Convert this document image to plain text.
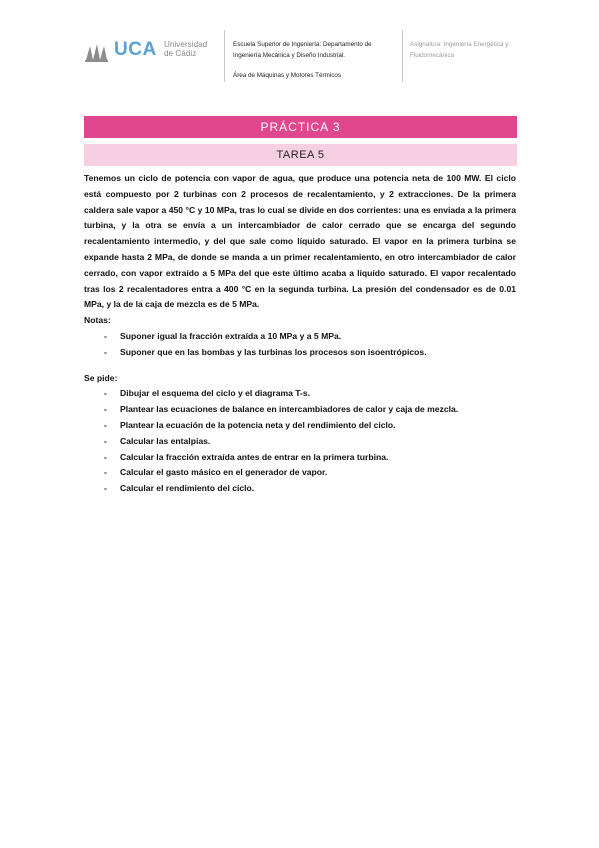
UCA Universidad
de Cádiz
Escuela Superior de Ingeniería: Departamento de Ingeniería Mecánica y Diseño Industrial.
Área de Máquinas y Motores Térmicos
Asignatura: Ingeniería Energética y Fluidomecánica
PRÁCTICA 3
TAREA 5

Tenemos un ciclo de potencia con vapor de agua, que produce una potencia neta de 100 MW. El ciclo está compuesto por 2 turbinas con 2 procesos de recalentamiento, y 2 extracciones. De la primera caldera sale vapor a 450 °C y 10 MPa, tras lo cual se divide en dos corrientes: una es enviada a la primera turbina, y la otra se envía a un intercambiador de calor cerrado que se encarga del segundo recalentamiento intermedio, y del que sale como líquido saturado. El vapor en la primera turbina se expande hasta 2 MPa, de donde se manda a un primer recalentamiento, en otro intercambiador de calor cerrado, con vapor extraído a 5 MPa del que este último acaba a líquido saturado. El vapor recalentado tras los 2 recalentadores entra a 400 °C en la segunda turbina. La presión del condensador es de 0.01 MPa, y la de la caja de mezcla es de 5 MPa.

Notas:

- Suponer igual la fracción extraída a 10 MPa y a 5 MPa.
- Suponer que en las bombas y las turbinas los procesos son isoentrópicos.

Se pide:

- Dibujar el esquema del ciclo y el diagrama T-s.
- Plantear las ecuaciones de balance en intercambiadores de calor y caja de mezcla.
- Plantear la ecuación de la potencia neta y del rendimiento del ciclo.
- Calcular las entalpías.
- Calcular la fracción extraída antes de entrar en la primera turbina.
- Calcular el gasto másico en el generador de vapor.
- Calcular el rendimiento del ciclo.
